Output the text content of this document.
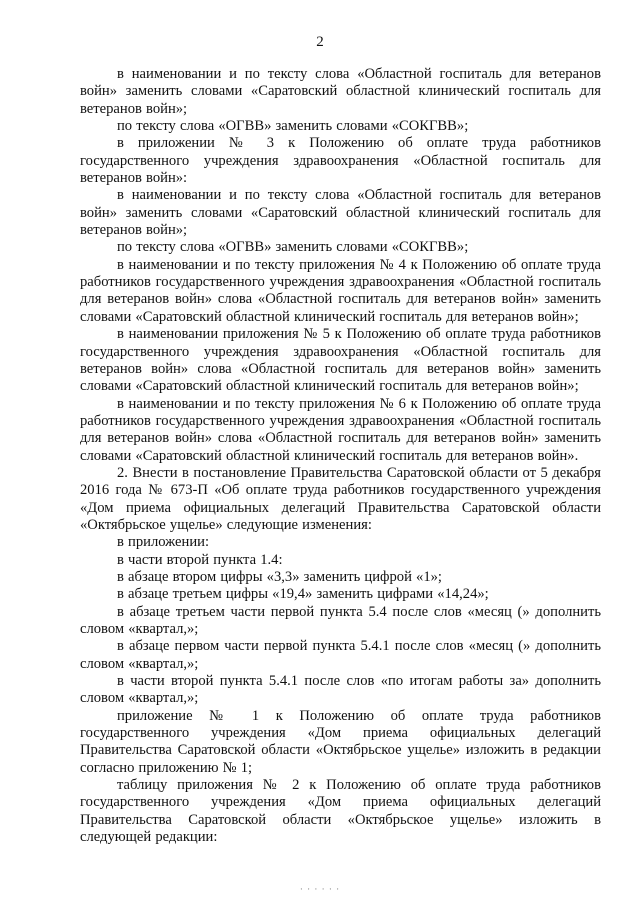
2

в наименовании и по тексту слова «Областной госпиталь для ветеранов войн» заменить словами «Саратовский областной клинический госпиталь для ветеранов войн»;

по тексту слова «ОГВВ» заменить словами «СОКГВВ»;

в приложении № 3 к Положению об оплате труда работников государственного учреждения здравоохранения «Областной госпиталь для ветеранов войн»:

в наименовании и по тексту слова «Областной госпиталь для ветеранов войн» заменить словами «Саратовский областной клинический госпиталь для ветеранов войн»;

по тексту слова «ОГВВ» заменить словами «СОКГВВ»;

в наименовании и по тексту приложения № 4 к Положению об оплате труда работников государственного учреждения здравоохранения «Областной госпиталь для ветеранов войн» слова «Областной госпиталь для ветеранов войн» заменить словами «Саратовский областной клинический госпиталь для ветеранов войн»;

в наименовании приложения № 5 к Положению об оплате труда работников государственного учреждения здравоохранения «Областной госпиталь для ветеранов войн» слова «Областной госпиталь для ветеранов войн» заменить словами «Саратовский областной клинический госпиталь для ветеранов войн»;

в наименовании и по тексту приложения № 6 к Положению об оплате труда работников государственного учреждения здравоохранения «Областной госпиталь для ветеранов войн» слова «Областной госпиталь для ветеранов войн» заменить словами «Саратовский областной клинический госпиталь для ветеранов войн».

2. Внести в постановление Правительства Саратовской области от 5 декабря 2016 года № 673-П «Об оплате труда работников государственного учреждения «Дом приема официальных делегаций Правительства Саратовской области «Октябрьское ущелье» следующие изменения:

в приложении:

в части второй пункта 1.4:

в абзаце втором цифры «3,3» заменить цифрой «1»;

в абзаце третьем цифры «19,4» заменить цифрами «14,24»;

в абзаце третьем части первой пункта 5.4 после слов «месяц (» дополнить словом «квартал,»;

в абзаце первом части первой пункта 5.4.1 после слов «месяц (» дополнить словом «квартал,»;

в части второй пункта 5.4.1 после слов «по итогам работы за» дополнить словом «квартал,»;

приложение № 1 к Положению об оплате труда работников государственного учреждения «Дом приема официальных делегаций Правительства Саратовской области «Октябрьское ущелье» изложить в редакции согласно приложению № 1;

таблицу приложения № 2 к Положению об оплате труда работников государственного учреждения «Дом приема официальных делегаций Правительства Саратовской области «Октябрьское ущелье» изложить в следующей редакции:

· · · · · ·
